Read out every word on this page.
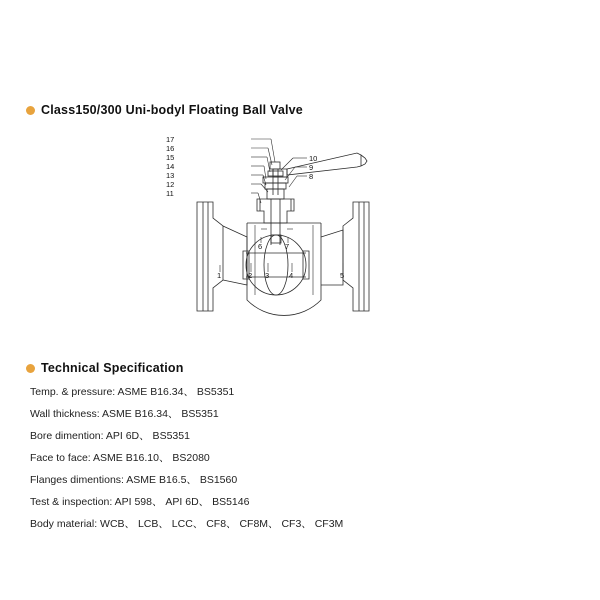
Class150/300 Uni-bodyl Floating Ball Valve
17
16
15
14
13
12
11
10
9
8
6	7
1	2 3	4	5
Technical Specification
Temp. & pressure: ASME B16.34、 BS5351
Wall thickness: ASME B16.34、 BS5351
Bore dimention: API 6D、 BS5351
Face to face: ASME B16.10、 BS2080
Flanges dimentions: ASME B16.5、 BS1560
Test & inspection: API 598、 API 6D、 BS5146
Body material: WCB、 LCB、 LCC、 CF8、 CF8M、 CF3、 CF3M
